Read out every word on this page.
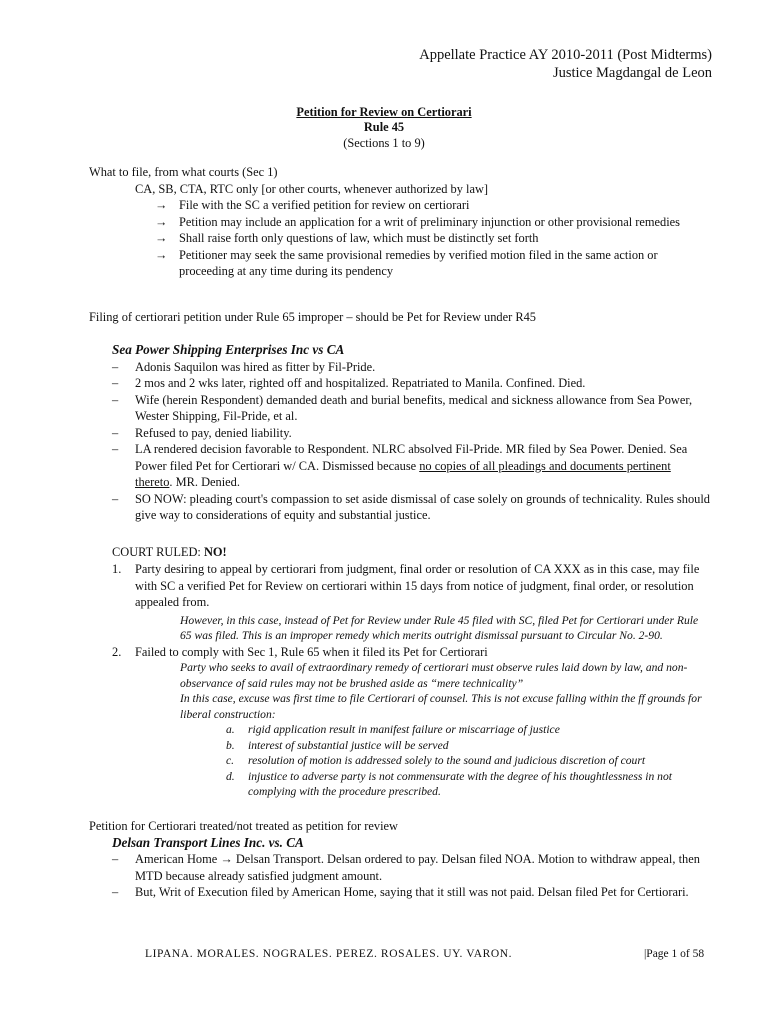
Appellate Practice AY 2010-2011 (Post Midterms)
Justice Magdangal de Leon
Petition for Review on Certiorari
Rule 45
(Sections 1 to 9)
What to file, from what courts (Sec 1)
CA, SB, CTA, RTC only [or other courts, whenever authorized by law]
→ File with the SC a verified petition for review on certiorari
→ Petition may include an application for a writ of preliminary injunction or other provisional remedies
→ Shall raise forth only questions of law, which must be distinctly set forth
→ Petitioner may seek the same provisional remedies by verified motion filed in the same action or proceeding at any time during its pendency
Filing of certiorari petition under Rule 65 improper – should be Pet for Review under R45
Sea Power Shipping Enterprises Inc vs CA
– Adonis Saquilon was hired as fitter by Fil-Pride.
– 2 mos and 2 wks later, righted off and hospitalized. Repatriated to Manila. Confined. Died.
– Wife (herein Respondent) demanded death and burial benefits, medical and sickness allowance from Sea Power, Wester Shipping, Fil-Pride, et al.
– Refused to pay, denied liability.
– LA rendered decision favorable to Respondent. NLRC absolved Fil-Pride. MR filed by Sea Power. Denied. Sea Power filed Pet for Certiorari w/ CA. Dismissed because no copies of all pleadings and documents pertinent thereto. MR. Denied.
– SO NOW: pleading court's compassion to set aside dismissal of case solely on grounds of technicality. Rules should give way to considerations of equity and substantial justice.
COURT RULED: NO!
1. Party desiring to appeal by certiorari from judgment, final order or resolution of CA XXX as in this case, may file with SC a verified Pet for Review on certiorari within 15 days from notice of judgment, final order, or resolution appealed from.
However, in this case, instead of Pet for Review under Rule 45 filed with SC, filed Pet for Certiorari under Rule 65 was filed. This is an improper remedy which merits outright dismissal pursuant to Circular No. 2-90.
2. Failed to comply with Sec 1, Rule 65 when it filed its Pet for Certiorari
Party who seeks to avail of extraordinary remedy of certiorari must observe rules laid down by law, and non-observance of said rules may not be brushed aside as “mere technicality”
In this case, excuse was first time to file Certiorari of counsel. This is not excuse falling within the ff grounds for liberal construction:
a. rigid application result in manifest failure or miscarriage of justice
b. interest of substantial justice will be served
c. resolution of motion is addressed solely to the sound and judicious discretion of court
d. injustice to adverse party is not commensurate with the degree of his thoughtlessness in not complying with the procedure prescribed.
Petition for Certiorari treated/not treated as petition for review
Delsan Transport Lines Inc. vs. CA
– American Home → Delsan Transport. Delsan ordered to pay. Delsan filed NOA. Motion to withdraw appeal, then MTD because already satisfied judgment amount.
– But, Writ of Execution filed by American Home, saying that it still was not paid. Delsan filed Pet for Certiorari.
LIPANA. MORALES. NOGRALES. PEREZ. ROSALES. UY. VARON.	|Page 1 of 58
